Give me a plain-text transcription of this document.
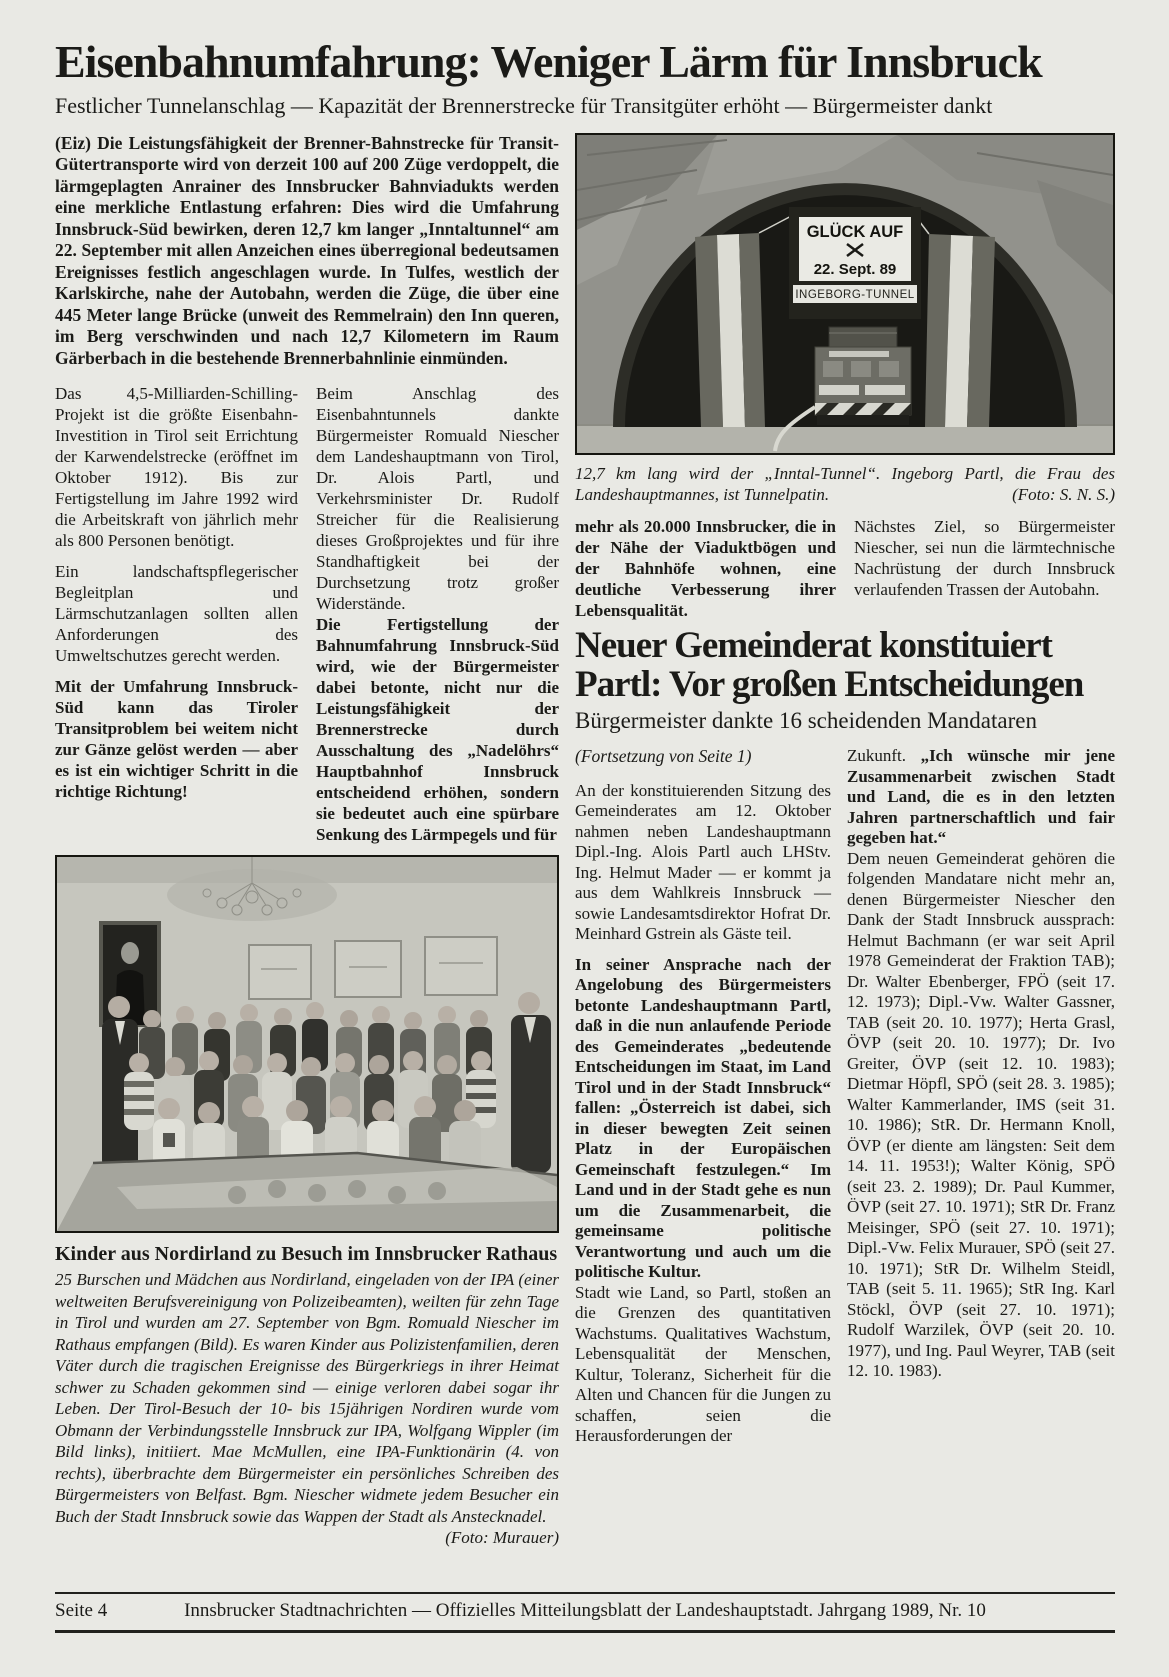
Eisenbahnumfahrung: Weniger Lärm für Innsbruck
Festlicher Tunnelanschlag — Kapazität der Brennerstrecke für Transitgüter erhöht — Bürgermeister dankt

(Eiz) Die Leistungsfähigkeit der Brenner-Bahnstrecke für Transit-Gütertransporte wird von derzeit 100 auf 200 Züge verdoppelt, die lärmgeplagten Anrainer des Innsbrucker Bahnviadukts werden eine merkliche Entlastung erfahren: Dies wird die Umfahrung Innsbruck-Süd bewirken, deren 12,7 km langer „Inntaltunnel“ am 22. September mit allen Anzeichen eines überregional bedeutsamen Ereignisses festlich angeschlagen wurde. In Tulfes, westlich der Karlskirche, nahe der Autobahn, werden die Züge, die über eine 445 Meter lange Brücke (unweit des Remmelrain) den Inn queren, im Berg verschwinden und nach 12,7 Kilometern im Raum Gärberbach in die bestehende Brennerbahnlinie einmünden.

Das 4,5-Milliarden-Schilling-Projekt ist die größte Eisenbahn-Investition in Tirol seit Errichtung der Karwendelstrecke (eröffnet im Oktober 1912). Bis zur Fertigstellung im Jahre 1992 wird die Arbeitskraft von jährlich mehr als 800 Personen benötigt.

Ein landschaftspflegerischer Begleitplan und Lärmschutzanlagen sollten allen Anforderungen des Umweltschutzes gerecht werden.

Mit der Umfahrung Innsbruck-Süd kann das Tiroler Transitproblem bei weitem nicht zur Gänze gelöst werden — aber es ist ein wichtiger Schritt in die richtige Richtung!

Beim Anschlag des Eisenbahntunnels dankte Bürgermeister Romuald Niescher dem Landeshauptmann von Tirol, Dr. Alois Partl, und Verkehrsminister Dr. Rudolf Streicher für die Realisierung dieses Großprojektes und für ihre Standhaftigkeit bei der Durchsetzung trotz großer Widerstände.

Die Fertigstellung der Bahnumfahrung Innsbruck-Süd wird, wie der Bürgermeister dabei betonte, nicht nur die Leistungsfähigkeit der Brennerstrecke durch Ausschaltung des „Nadelöhrs“ Hauptbahnhof Innsbruck entscheidend erhöhen, sondern sie bedeutet auch eine spürbare Senkung des Lärmpegels und für

Kinder aus Nordirland zu Besuch im Innsbrucker Rathaus

25 Burschen und Mädchen aus Nordirland, eingeladen von der IPA (einer weltweiten Berufsvereinigung von Polizeibeamten), weilten für zehn Tage in Tirol und wurden am 27. September von Bgm. Romuald Niescher im Rathaus empfangen (Bild). Es waren Kinder aus Polizistenfamilien, deren Väter durch die tragischen Ereignisse des Bürgerkriegs in ihrer Heimat schwer zu Schaden gekommen sind — einige verloren dabei sogar ihr Leben. Der Tirol-Besuch der 10- bis 15jährigen Nordiren wurde vom Obmann der Verbindungsstelle Innsbruck zur IPA, Wolfgang Wippler (im Bild links), initiiert. Mae McMullen, eine IPA-Funktionärin (4. von rechts), überbrachte dem Bürgermeister ein persönliches Schreiben des Bürgermeisters von Belfast. Bgm. Niescher widmete jedem Besucher ein Buch der Stadt Innsbruck sowie das Wappen der Stadt als Anstecknadel.
(Foto: Murauer)

GLÜCK AUF
22. Sept. 89
INGEBORG-TUNNEL

12,7 km lang wird der „Inntal-Tunnel“. Ingeborg Partl, die Frau des Landeshauptmannes, ist Tunnelpatin.	(Foto: S. N. S.)

mehr als 20.000 Innsbrucker, die in der Nähe der Viaduktbögen und der Bahnhöfe wohnen, eine deutliche Verbesserung ihrer Lebensqualität.

Nächstes Ziel, so Bürgermeister Niescher, sei nun die lärmtechnische Nachrüstung der durch Innsbruck verlaufenden Trassen der Autobahn.

Neuer Gemeinderat konstituiert
Partl: Vor großen Entscheidungen
Bürgermeister dankte 16 scheidenden Mandataren

(Fortsetzung von Seite 1)

An der konstituierenden Sitzung des Gemeinderates am 12. Oktober nahmen neben Landeshauptmann Dipl.-Ing. Alois Partl auch LHStv. Ing. Helmut Mader — er kommt ja aus dem Wahlkreis Innsbruck — sowie Landesamtsdirektor Hofrat Dr. Meinhard Gstrein als Gäste teil.

In seiner Ansprache nach der Angelobung des Bürgermeisters betonte Landeshauptmann Partl, daß in die nun anlaufende Periode des Gemeinderates „bedeutende Entscheidungen im Staat, im Land Tirol und in der Stadt Innsbruck“ fallen: „Österreich ist dabei, sich in dieser bewegten Zeit seinen Platz in der Europäischen Gemeinschaft festzulegen.“ Im Land und in der Stadt gehe es nun um die Zusammenarbeit, die gemeinsame politische Verantwortung und auch um die politische Kultur.

Stadt wie Land, so Partl, stoßen an die Grenzen des quantitativen Wachstums. Qualitatives Wachstum, Lebensqualität der Menschen, Kultur, Toleranz, Sicherheit für die Alten und Chancen für die Jungen zu schaffen, seien die Herausforderungen der

Zukunft. „Ich wünsche mir jene Zusammenarbeit zwischen Stadt und Land, die es in den letzten Jahren partnerschaftlich und fair gegeben hat.“

Dem neuen Gemeinderat gehören die folgenden Mandatare nicht mehr an, denen Bürgermeister Niescher den Dank der Stadt Innsbruck aussprach: Helmut Bachmann (er war seit April 1978 Gemeinderat der Fraktion TAB); Dr. Walter Ebenberger, FPÖ (seit 17. 12. 1973); Dipl.-Vw. Walter Gassner, TAB (seit 20. 10. 1977); Herta Grasl, ÖVP (seit 20. 10. 1977); Dr. Ivo Greiter, ÖVP (seit 12. 10. 1983); Dietmar Höpfl, SPÖ (seit 28. 3. 1985); Walter Kammerlander, IMS (seit 31. 10. 1986); StR. Dr. Hermann Knoll, ÖVP (er diente am längsten: Seit dem 14. 11. 1953!); Walter König, SPÖ (seit 23. 2. 1989); Dr. Paul Kummer, ÖVP (seit 27. 10. 1971); StR Dr. Franz Meisinger, SPÖ (seit 27. 10. 1971); Dipl.-Vw. Felix Murauer, SPÖ (seit 27. 10. 1971); StR Dr. Wilhelm Steidl, TAB (seit 5. 11. 1965); StR Ing. Karl Stöckl, ÖVP (seit 27. 10. 1971); Rudolf Warzilek, ÖVP (seit 20. 10. 1977), und Ing. Paul Weyrer, TAB (seit 12. 10. 1983).

Seite 4	Innsbrucker Stadtnachrichten — Offizielles Mitteilungsblatt der Landeshauptstadt. Jahrgang 1989, Nr. 10
